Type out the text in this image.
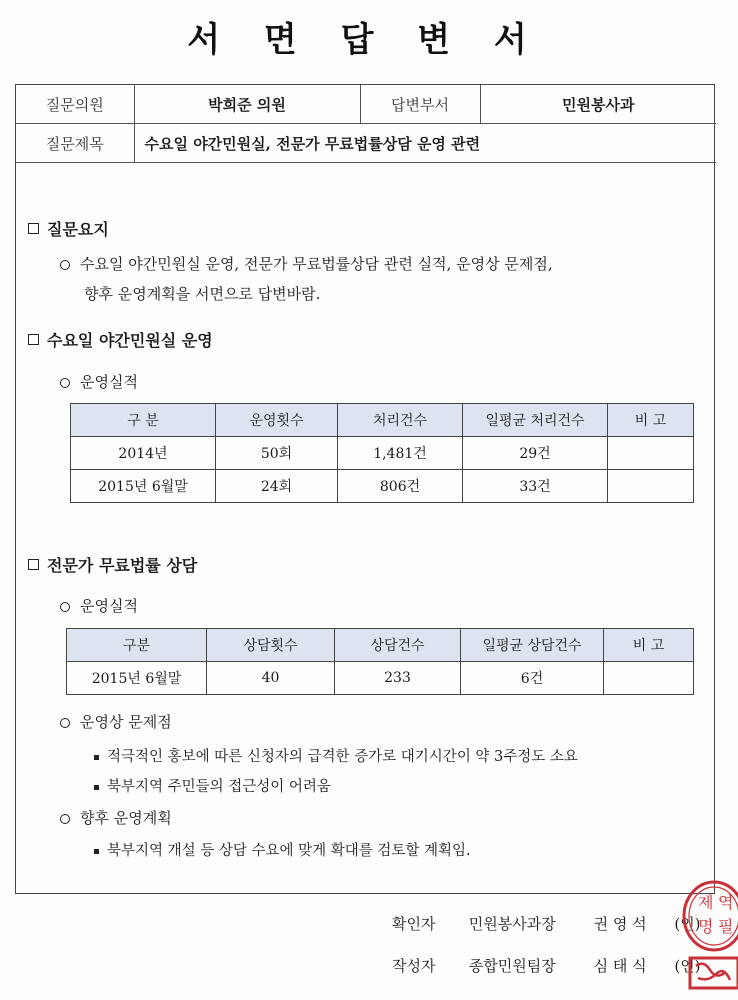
서 면 답 변 서
질문의원	박희준 의원	답변부서	민원봉사과
질문제목	수요일 야간민원실, 전문가 무료법률상담 운영 관련		
질문요지
수요일 야간민원실 운영, 전문가 무료법률상담 관련 실적, 운영상 문제점,
향후 운영계획을 서면으로 답변바람.
수요일 야간민원실 운영
운영실적
구 분	운영횟수	처리건수	일평균 처리건수	비 고
2014년	50회	1,481건	29건	
2015년 6월말	24회	806건	33건	
전문가 무료법률 상담
운영실적
구분	상담횟수	상담건수	일평균 상담건수	비 고
2015년 6월말	40	233	6건	
운영상 문제점
적극적인 홍보에 따른 신청자의 급격한 증가로 대기시간이 약 3주정도 소요
북부지역 주민들의 접근성이 어려움
향후 운영계획
북부지역 개설 등 상담 수요에 맞게 확대를 검토할 계획임.
확인자 민원봉사과장	권 영 석 (인)
작성자 종합민원팀장	심 태 식 (인)
제 역
명 필
